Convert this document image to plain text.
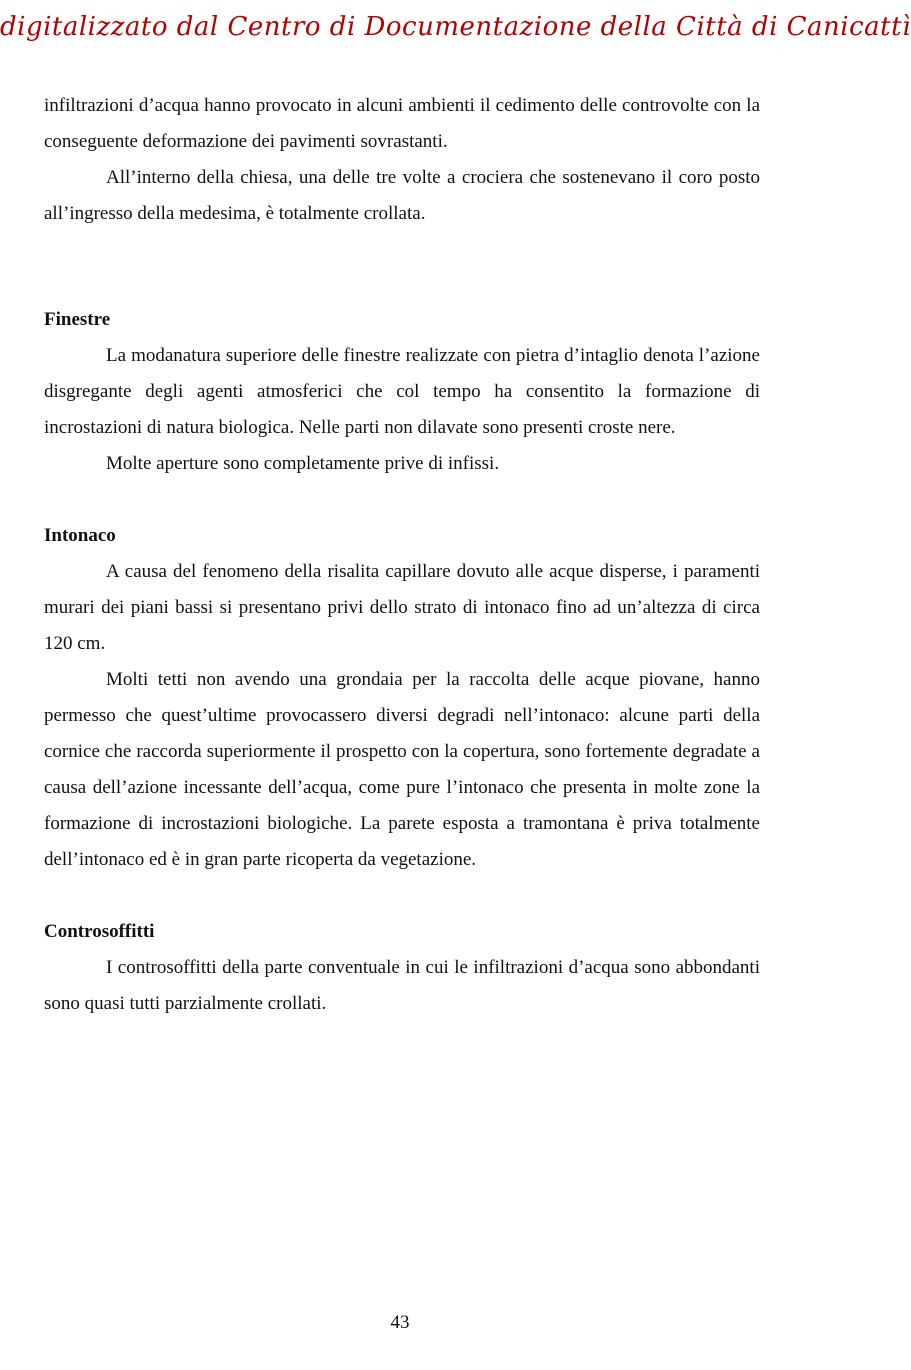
digitalizzato dal Centro di Documentazione della Città di Canicattì

infiltrazioni d’acqua hanno provocato in alcuni ambienti il cedimento delle controvolte con la conseguente deformazione dei pavimenti sovrastanti.

All’interno della chiesa, una delle tre volte a crociera che sostenevano il coro posto all’ingresso della medesima, è totalmente crollata.

Finestre

La modanatura superiore delle finestre realizzate con pietra d’intaglio denota l’azione disgregante degli agenti atmosferici che col tempo ha consentito la formazione di incrostazioni di natura biologica. Nelle parti non dilavate sono presenti croste nere.

Molte aperture sono completamente prive di infissi.

Intonaco

A causa del fenomeno della risalita capillare dovuto alle acque disperse, i paramenti murari dei piani bassi si presentano privi dello strato di intonaco fino ad un’altezza di circa 120 cm.

Molti tetti non avendo una grondaia per la raccolta delle acque piovane, hanno permesso che quest’ultime provocassero diversi degradi nell’intonaco: alcune parti della cornice che raccorda superiormente il prospetto con la copertura, sono fortemente degradate a causa dell’azione incessante dell’acqua, come pure l’intonaco che presenta in molte zone la formazione di incrostazioni biologiche. La parete esposta a tramontana è priva totalmente dell’intonaco ed è in gran parte ricoperta da vegetazione.

Controsoffitti

I controsoffitti della parte conventuale in cui le infiltrazioni d’acqua sono abbondanti sono quasi tutti parzialmente crollati.

43
